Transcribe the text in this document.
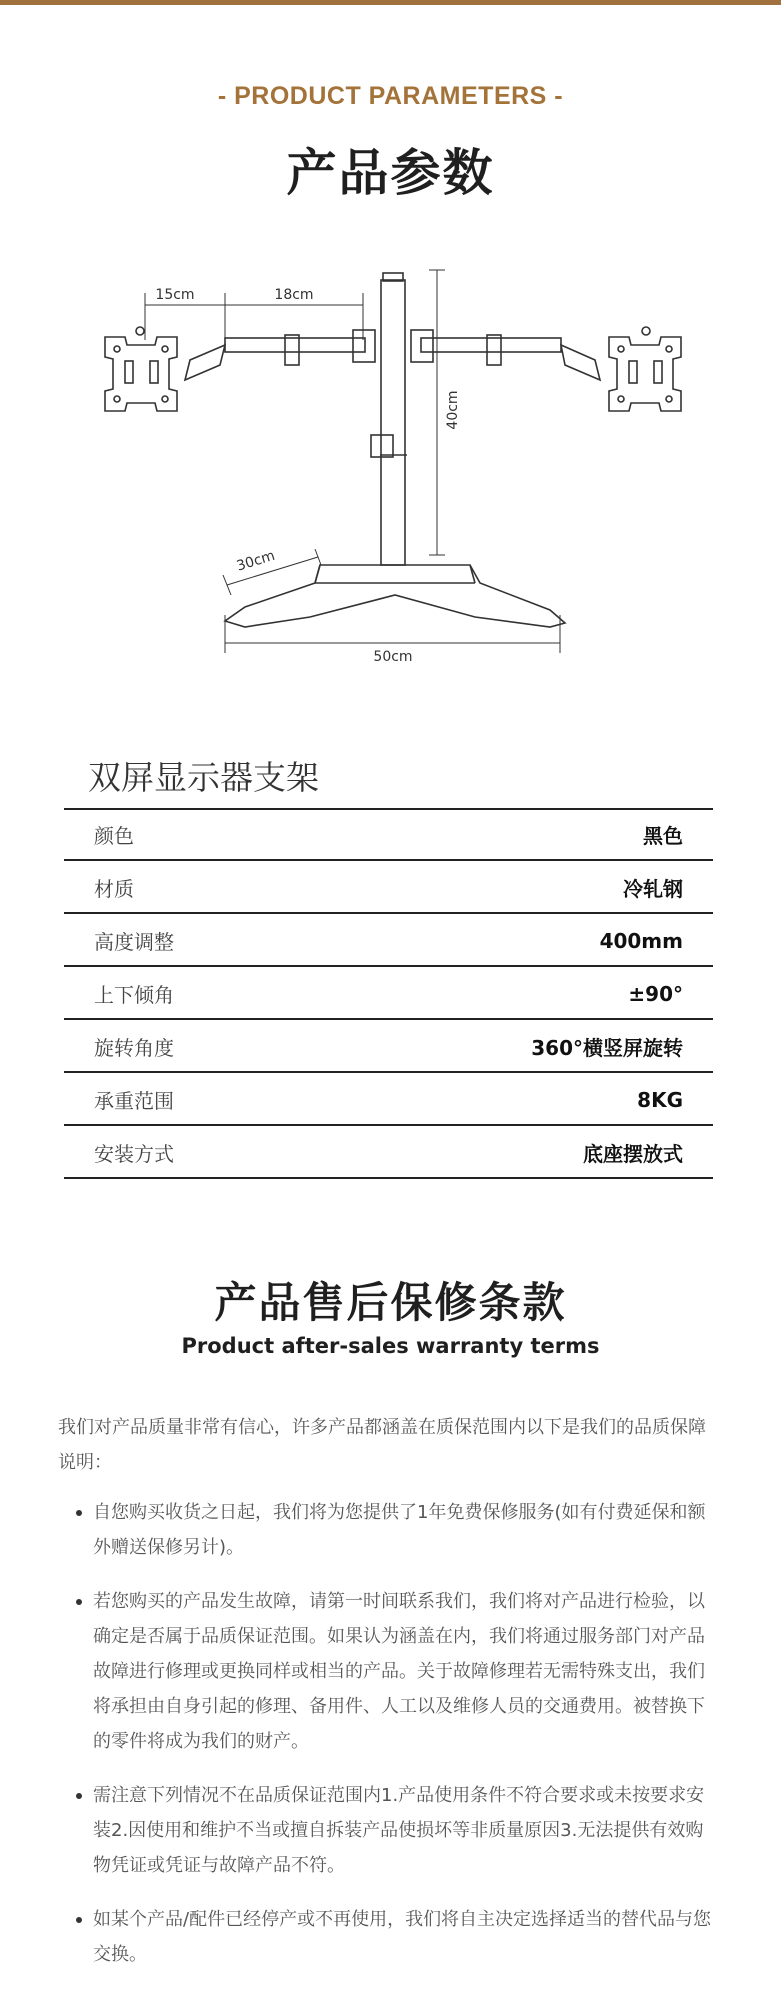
- PRODUCT PARAMETERS -
产品参数
15cm	18cm
40cm
30cm
50cm
双屏显示器支架
颜色	黑色
材质	冷轧钢
高度调整	400mm
上下倾角	±90°
旋转角度	360°横竖屏旋转
承重范围	8KG
安装方式	底座摆放式
产品售后保修条款
Product after-sales warranty terms
我们对产品质量非常有信心，许多产品都涵盖在质保范围内以下是我们的品质保障说明：
自您购买收货之日起，我们将为您提供了1年免费保修服务(如有付费延保和额外赠送保修另计)。
若您购买的产品发生故障，请第一时间联系我们，我们将对产品进行检验，以确定是否属于品质保证范围。如果认为涵盖在内，我们将通过服务部门对产品故障进行修理或更换同样或相当的产品。关于故障修理若无需特殊支出，我们将承担由自身引起的修理、备用件、人工以及维修人员的交通费用。被替换下的零件将成为我们的财产。
需注意下列情况不在品质保证范围内1.产品使用条件不符合要求或未按要求安装2.因使用和维护不当或擅自拆装产品使损坏等非质量原因3.无法提供有效购物凭证或凭证与故障产品不符。
如某个产品/配件已经停产或不再使用，我们将自主决定选择适当的替代品与您交换。
